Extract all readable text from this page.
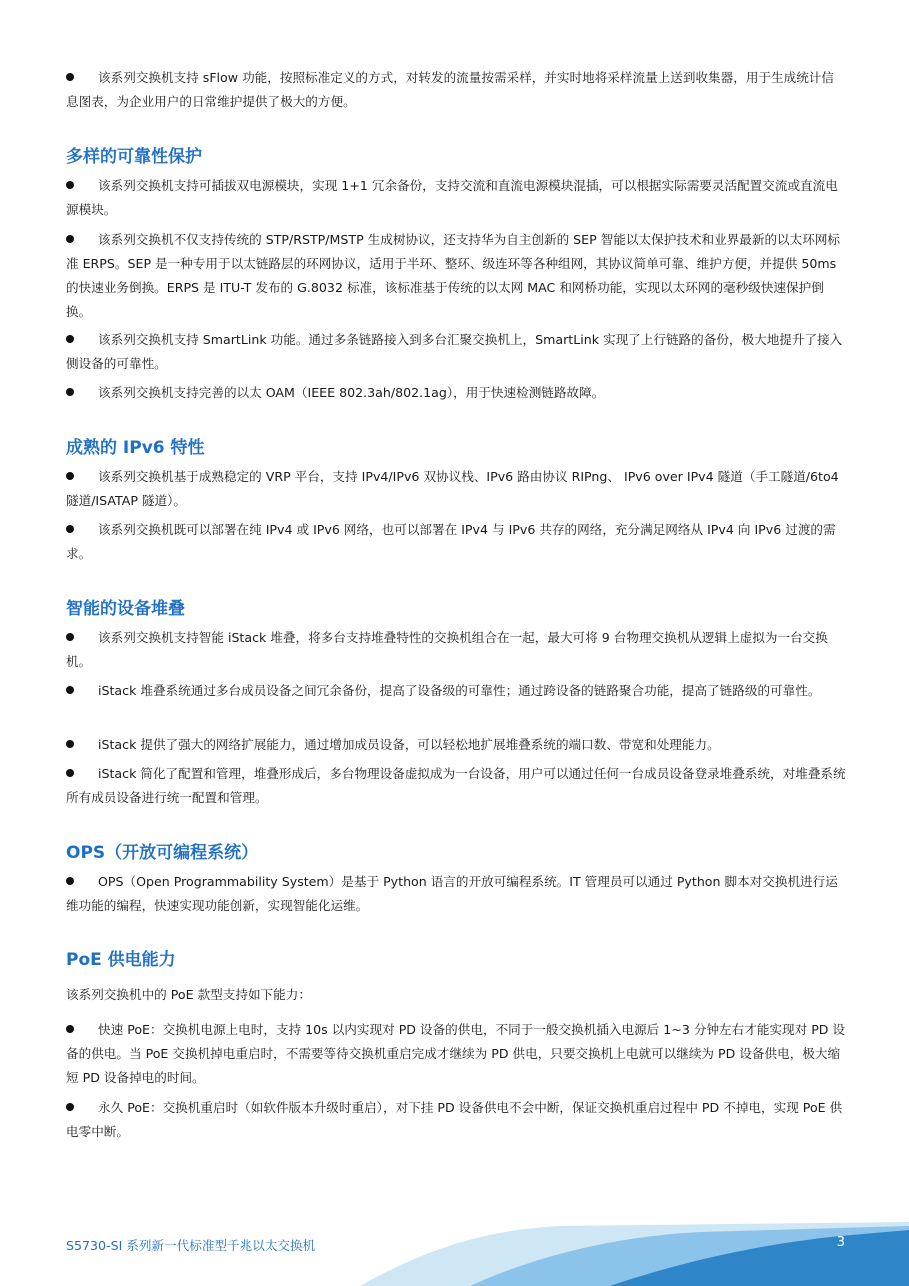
该系列交换机支持 sFlow 功能，按照标准定义的方式，对转发的流量按需采样，并实时地将采样流量上送到收集器，用于生成统计信息图表，为企业用户的日常维护提供了极大的方便。
多样的可靠性保护
该系列交换机支持可插拔双电源模块，实现 1+1 冗余备份，支持交流和直流电源模块混插，可以根据实际需要灵活配置交流或直流电源模块。
该系列交换机不仅支持传统的 STP/RSTP/MSTP 生成树协议，还支持华为自主创新的 SEP 智能以太保护技术和业界最新的以太环网标准 ERPS。SEP 是一种专用于以太链路层的环网协议，适用于半环、整环、级连环等各种组网，其协议简单可靠、维护方便，并提供 50ms 的快速业务倒换。ERPS 是 ITU-T 发布的 G.8032 标准，该标准基于传统的以太网 MAC 和网桥功能，实现以太环网的毫秒级快速保护倒换。
该系列交换机支持 SmartLink 功能。通过多条链路接入到多台汇聚交换机上，SmartLink 实现了上行链路的备份，极大地提升了接入侧设备的可靠性。
该系列交换机支持完善的以太 OAM（IEEE 802.3ah/802.1ag），用于快速检测链路故障。
成熟的 IPv6 特性
该系列交换机基于成熟稳定的 VRP 平台，支持 IPv4/IPv6 双协议栈、IPv6 路由协议 RIPng、 IPv6 over IPv4 隧道（手工隧道/6to4 隧道/ISATAP 隧道）。
该系列交换机既可以部署在纯 IPv4 或 IPv6 网络，也可以部署在 IPv4 与 IPv6 共存的网络，充分满足网络从 IPv4 向 IPv6 过渡的需求。
智能的设备堆叠
该系列交换机支持智能 iStack 堆叠，将多台支持堆叠特性的交换机组合在一起，最大可将 9 台物理交换机从逻辑上虚拟为一台交换机。
iStack 堆叠系统通过多台成员设备之间冗余备份，提高了设备级的可靠性；通过跨设备的链路聚合功能，提高了链路级的可靠性。
iStack 提供了强大的网络扩展能力，通过增加成员设备，可以轻松地扩展堆叠系统的端口数、带宽和处理能力。
iStack 简化了配置和管理，堆叠形成后，多台物理设备虚拟成为一台设备，用户可以通过任何一台成员设备登录堆叠系统，对堆叠系统所有成员设备进行统一配置和管理。
OPS（开放可编程系统）
OPS（Open Programmability System）是基于 Python 语言的开放可编程系统。IT 管理员可以通过 Python 脚本对交换机进行运维功能的编程，快速实现功能创新，实现智能化运维。
PoE 供电能力
该系列交换机中的 PoE 款型支持如下能力：
快速 PoE：交换机电源上电时，支持 10s 以内实现对 PD 设备的供电，不同于一般交换机插入电源后 1~3 分钟左右才能实现对 PD 设备的供电。当 PoE 交换机掉电重启时，不需要等待交换机重启完成才继续为 PD 供电，只要交换机上电就可以继续为 PD 设备供电，极大缩短 PD 设备掉电的时间。
永久 PoE：交换机重启时（如软件版本升级时重启），对下挂 PD 设备供电不会中断，保证交换机重启过程中 PD 不掉电，实现 PoE 供电零中断。
S5730-SI 系列新一代标准型千兆以太交换机	3
